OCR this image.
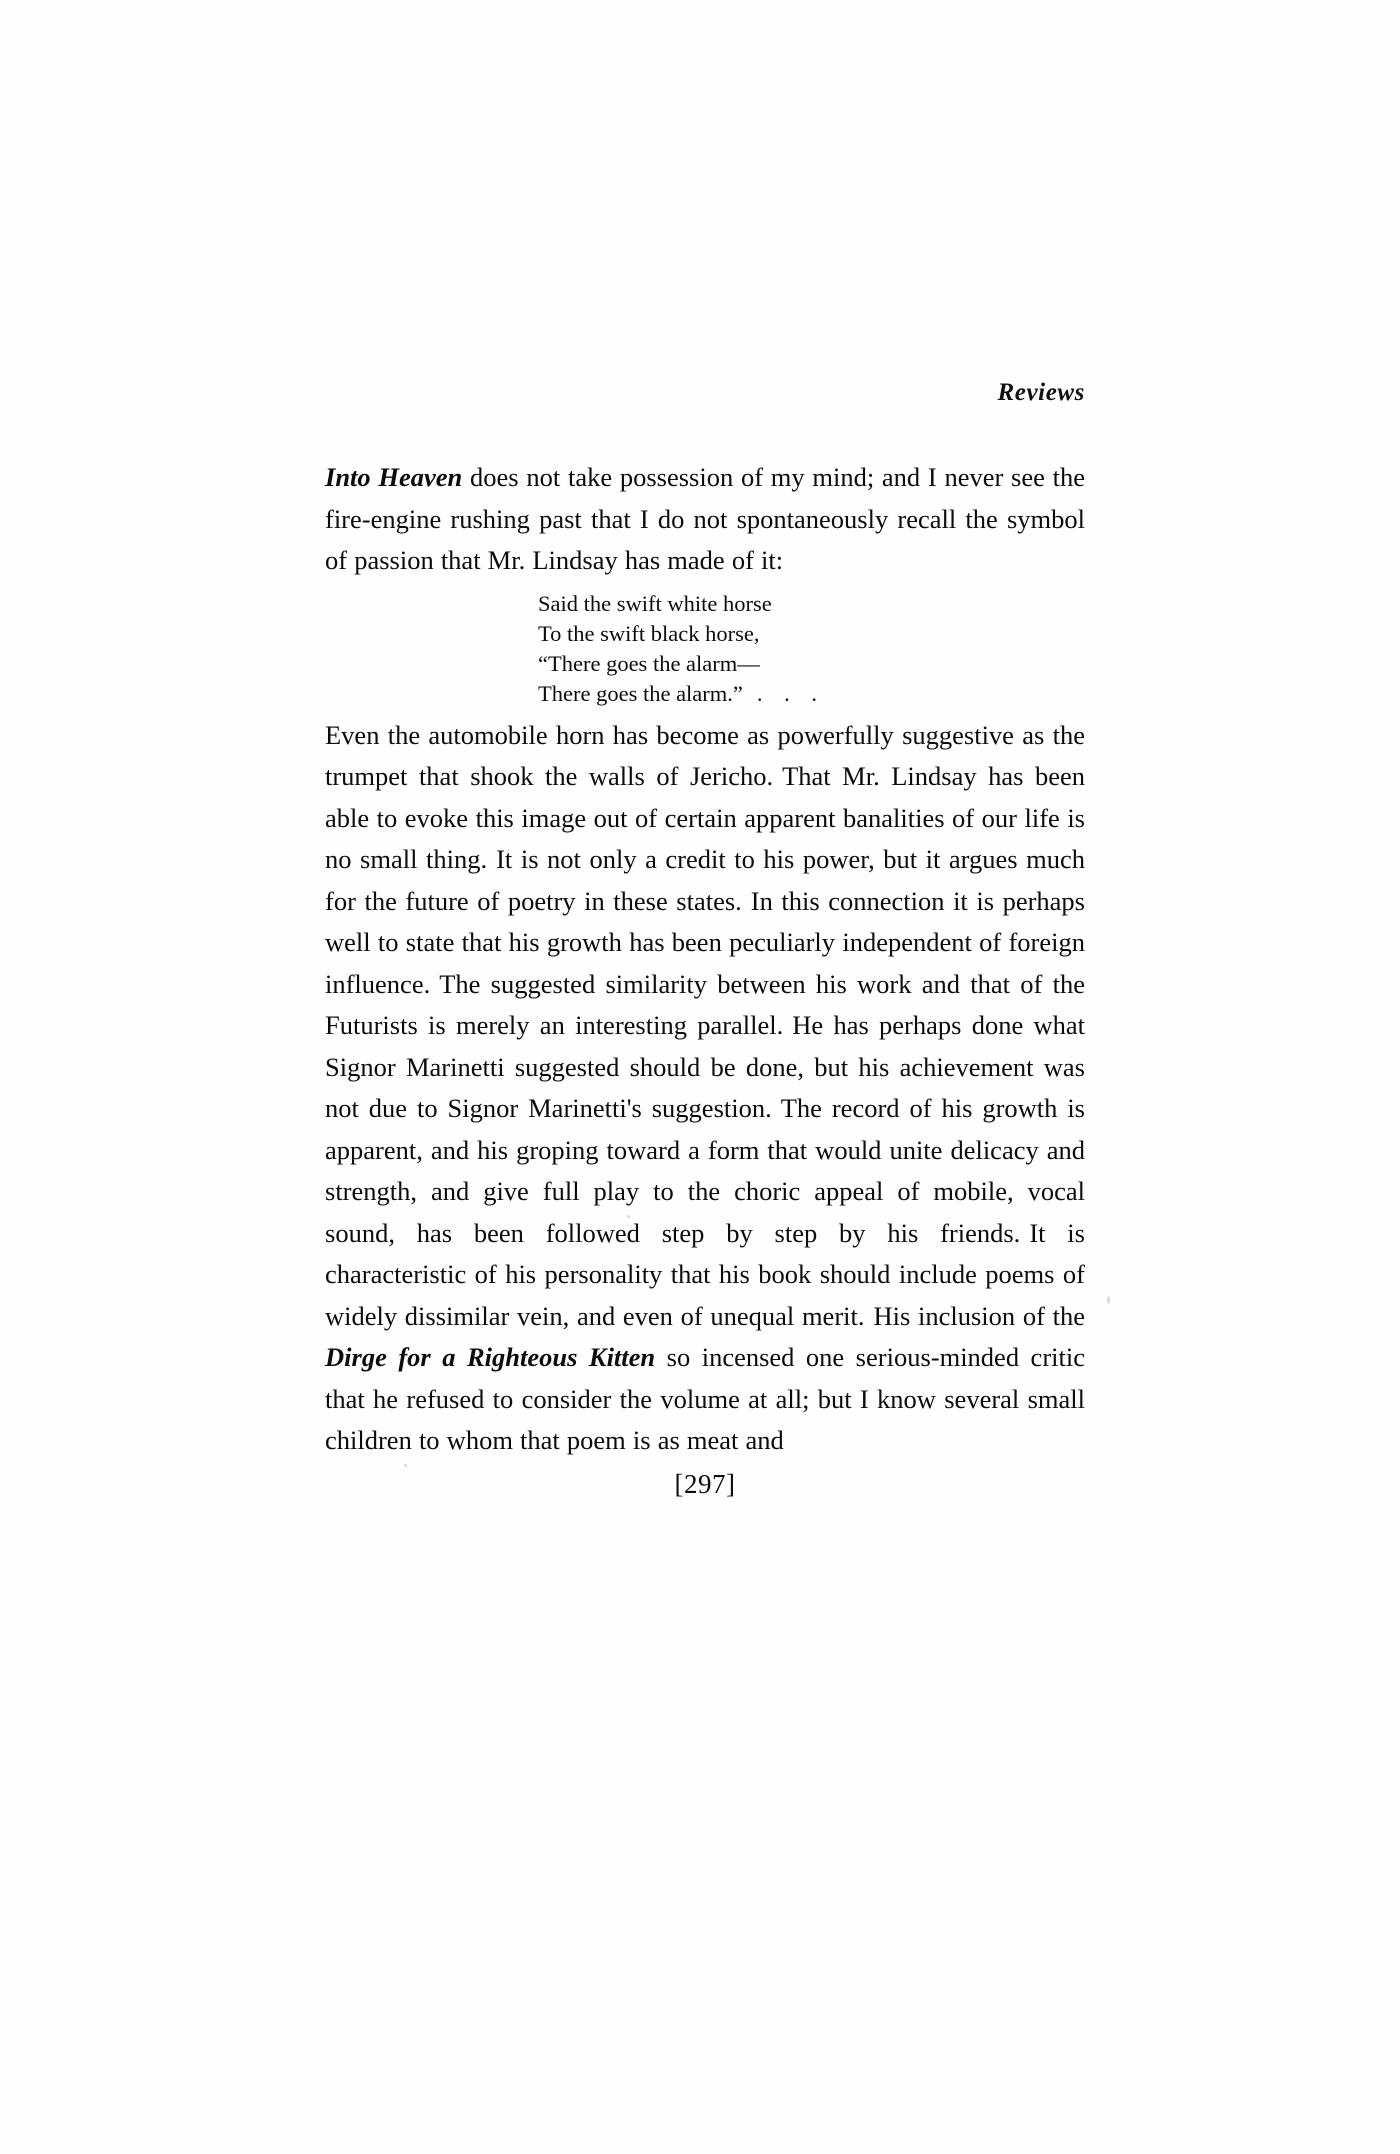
Reviews

Into Heaven does not take possession of my mind; and I never see the fire-engine rushing past that I do not spontaneously recall the symbol of passion that Mr. Lindsay has made of it:

Said the swift white horse
To the swift black horse,
“There goes the alarm—
There goes the alarm.” . . .

Even the automobile horn has become as powerfully suggestive as the trumpet that shook the walls of Jericho. That Mr. Lindsay has been able to evoke this image out of certain apparent banalities of our life is no small thing. It is not only a credit to his power, but it argues much for the future of poetry in these states. In this connection it is perhaps well to state that his growth has been peculiarly independent of foreign influence. The suggested similarity between his work and that of the Futurists is merely an interesting parallel. He has perhaps done what Signor Marinetti suggested should be done, but his achievement was not due to Signor Marinetti's suggestion. The record of his growth is apparent, and his groping toward a form that would unite delicacy and strength, and give full play to the choric appeal of mobile, vocal sound, has been followed step by step by his friends. It is characteristic of his personality that his book should include poems of widely dissimilar vein, and even of unequal merit. His inclusion of the Dirge for a Righteous Kitten so incensed one serious-minded critic that he refused to consider the volume at all; but I know several small children to whom that poem is as meat and

[297]
